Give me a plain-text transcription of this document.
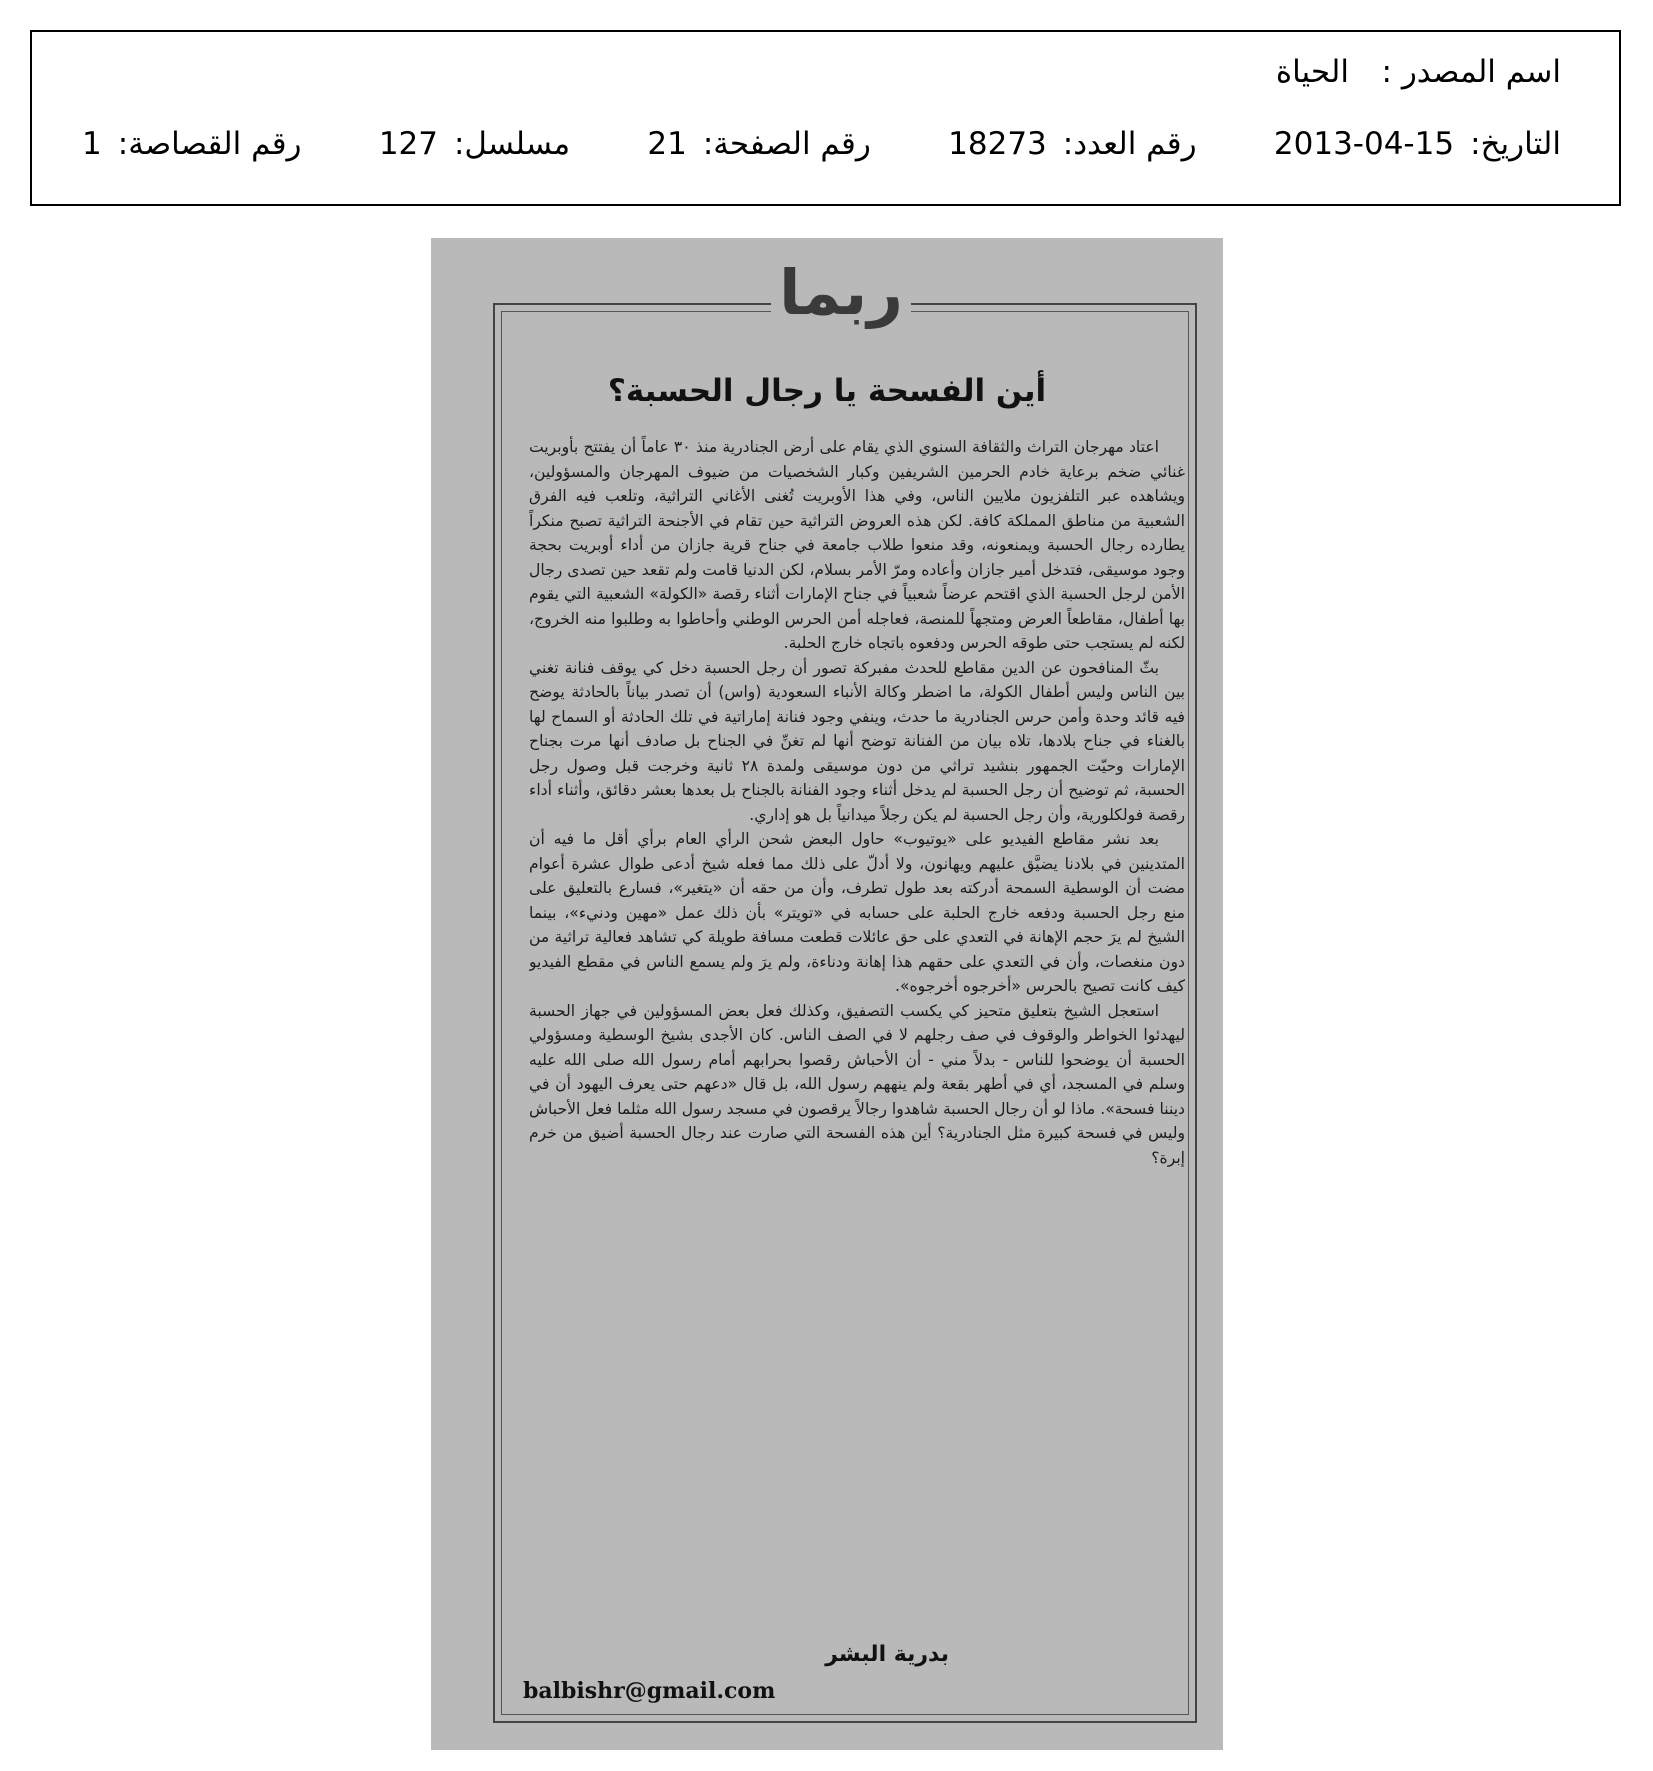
اسم المصدر :
الحياة
التاريخ:
2013-04-15
رقم العدد:
18273
رقم الصفحة:
21
مسلسل:
127
رقم القصاصة:
1
ربما
أين الفسحة يا رجال الحسبة؟

اعتاد مهرجان التراث والثقافة السنوي الذي يقام على أرض الجنادرية منذ ٣٠ عاماً أن يفتتح بأوبريت غنائي ضخم برعاية خادم الحرمين الشريفين وكبار الشخصيات من ضيوف المهرجان والمسؤولين، ويشاهده عبر التلفزيون ملايين الناس، وفي هذا الأوبريت تُغنى الأغاني التراثية، وتلعب فيه الفرق الشعبية من مناطق المملكة كافة. لكن هذه العروض التراثية حين تقام في الأجنحة التراثية تصبح منكراً يطارده رجال الحسبة ويمنعونه، وقد منعوا طلاب جامعة في جناح قرية جازان من أداء أوبريت بحجة وجود موسيقى، فتدخل أمير جازان وأعاده ومرّ الأمر بسلام، لكن الدنيا قامت ولم تقعد حين تصدى رجال الأمن لرجل الحسبة الذي اقتحم عرضاً شعبياً في جناح الإمارات أثناء رقصة «الكولة» الشعبية التي يقوم بها أطفال، مقاطعاً العرض ومتجهاً للمنصة، فعاجله أمن الحرس الوطني وأحاطوا به وطلبوا منه الخروج، لكنه لم يستجب حتى طوقه الحرس ودفعوه باتجاه خارج الحلبة.

بثّ المنافحون عن الدين مقاطع للحدث مفبركة تصور أن رجل الحسبة دخل كي يوقف فنانة تغني بين الناس وليس أطفال الكولة، ما اضطر وكالة الأنباء السعودية (واس) أن تصدر بياناً بالحادثة يوضح فيه قائد وحدة وأمن حرس الجنادرية ما حدث، وينفي وجود فنانة إماراتية في تلك الحادثة أو السماح لها بالغناء في جناح بلادها، تلاه بيان من الفنانة توضح أنها لم تغنِّ في الجناح بل صادف أنها مرت بجناح الإمارات وحيّت الجمهور بنشيد تراثي من دون موسيقى ولمدة ٢٨ ثانية وخرجت قبل وصول رجل الحسبة، ثم توضيح أن رجل الحسبة لم يدخل أثناء وجود الفنانة بالجناح بل بعدها بعشر دقائق، وأثناء أداء رقصة فولكلورية، وأن رجل الحسبة لم يكن رجلاً ميدانياً بل هو إداري.

بعد نشر مقاطع الفيديو على «يوتيوب» حاول البعض شحن الرأي العام برأي أقل ما فيه أن المتدينين في بلادنا يضيَّق عليهم ويهانون، ولا أدلّ على ذلك مما فعله شيخ أدعى طوال عشرة أعوام مضت أن الوسطية السمحة أدركته بعد طول تطرف، وأن من حقه أن «يتغير»، فسارع بالتعليق على منع رجل الحسبة ودفعه خارج الحلبة على حسابه في «تويتر» بأن ذلك عمل «مهين ودنيء»، بينما الشيخ لم يرَ حجم الإهانة في التعدي على حق عائلات قطعت مسافة طويلة كي تشاهد فعالية تراثية من دون منغصات، وأن في التعدي على حقهم هذا إهانة ودناءة، ولم يرَ ولم يسمع الناس في مقطع الفيديو كيف كانت تصيح بالحرس «أخرجوه أخرجوه».

استعجل الشيخ بتعليق متحيز كي يكسب التصفيق، وكذلك فعل بعض المسؤولين في جهاز الحسبة ليهدئوا الخواطر والوقوف في صف رجلهم لا في الصف الناس. كان الأجدى بشيخ الوسطية ومسؤولي الحسبة أن يوضحوا للناس - بدلاً مني - أن الأحباش رقصوا بحرابهم أمام رسول الله صلى الله عليه وسلم في المسجد، أي في أطهر بقعة ولم ينههم رسول الله، بل قال «دعهم حتى يعرف اليهود أن في ديننا فسحة». ماذا لو أن رجال الحسبة شاهدوا رجالاً يرقصون في مسجد رسول الله مثلما فعل الأحباش وليس في فسحة كبيرة مثل الجنادرية؟ أين هذه الفسحة التي صارت عند رجال الحسبة أضيق من خرم إبرة؟

بدرية البشر
balbishr@gmail.com
